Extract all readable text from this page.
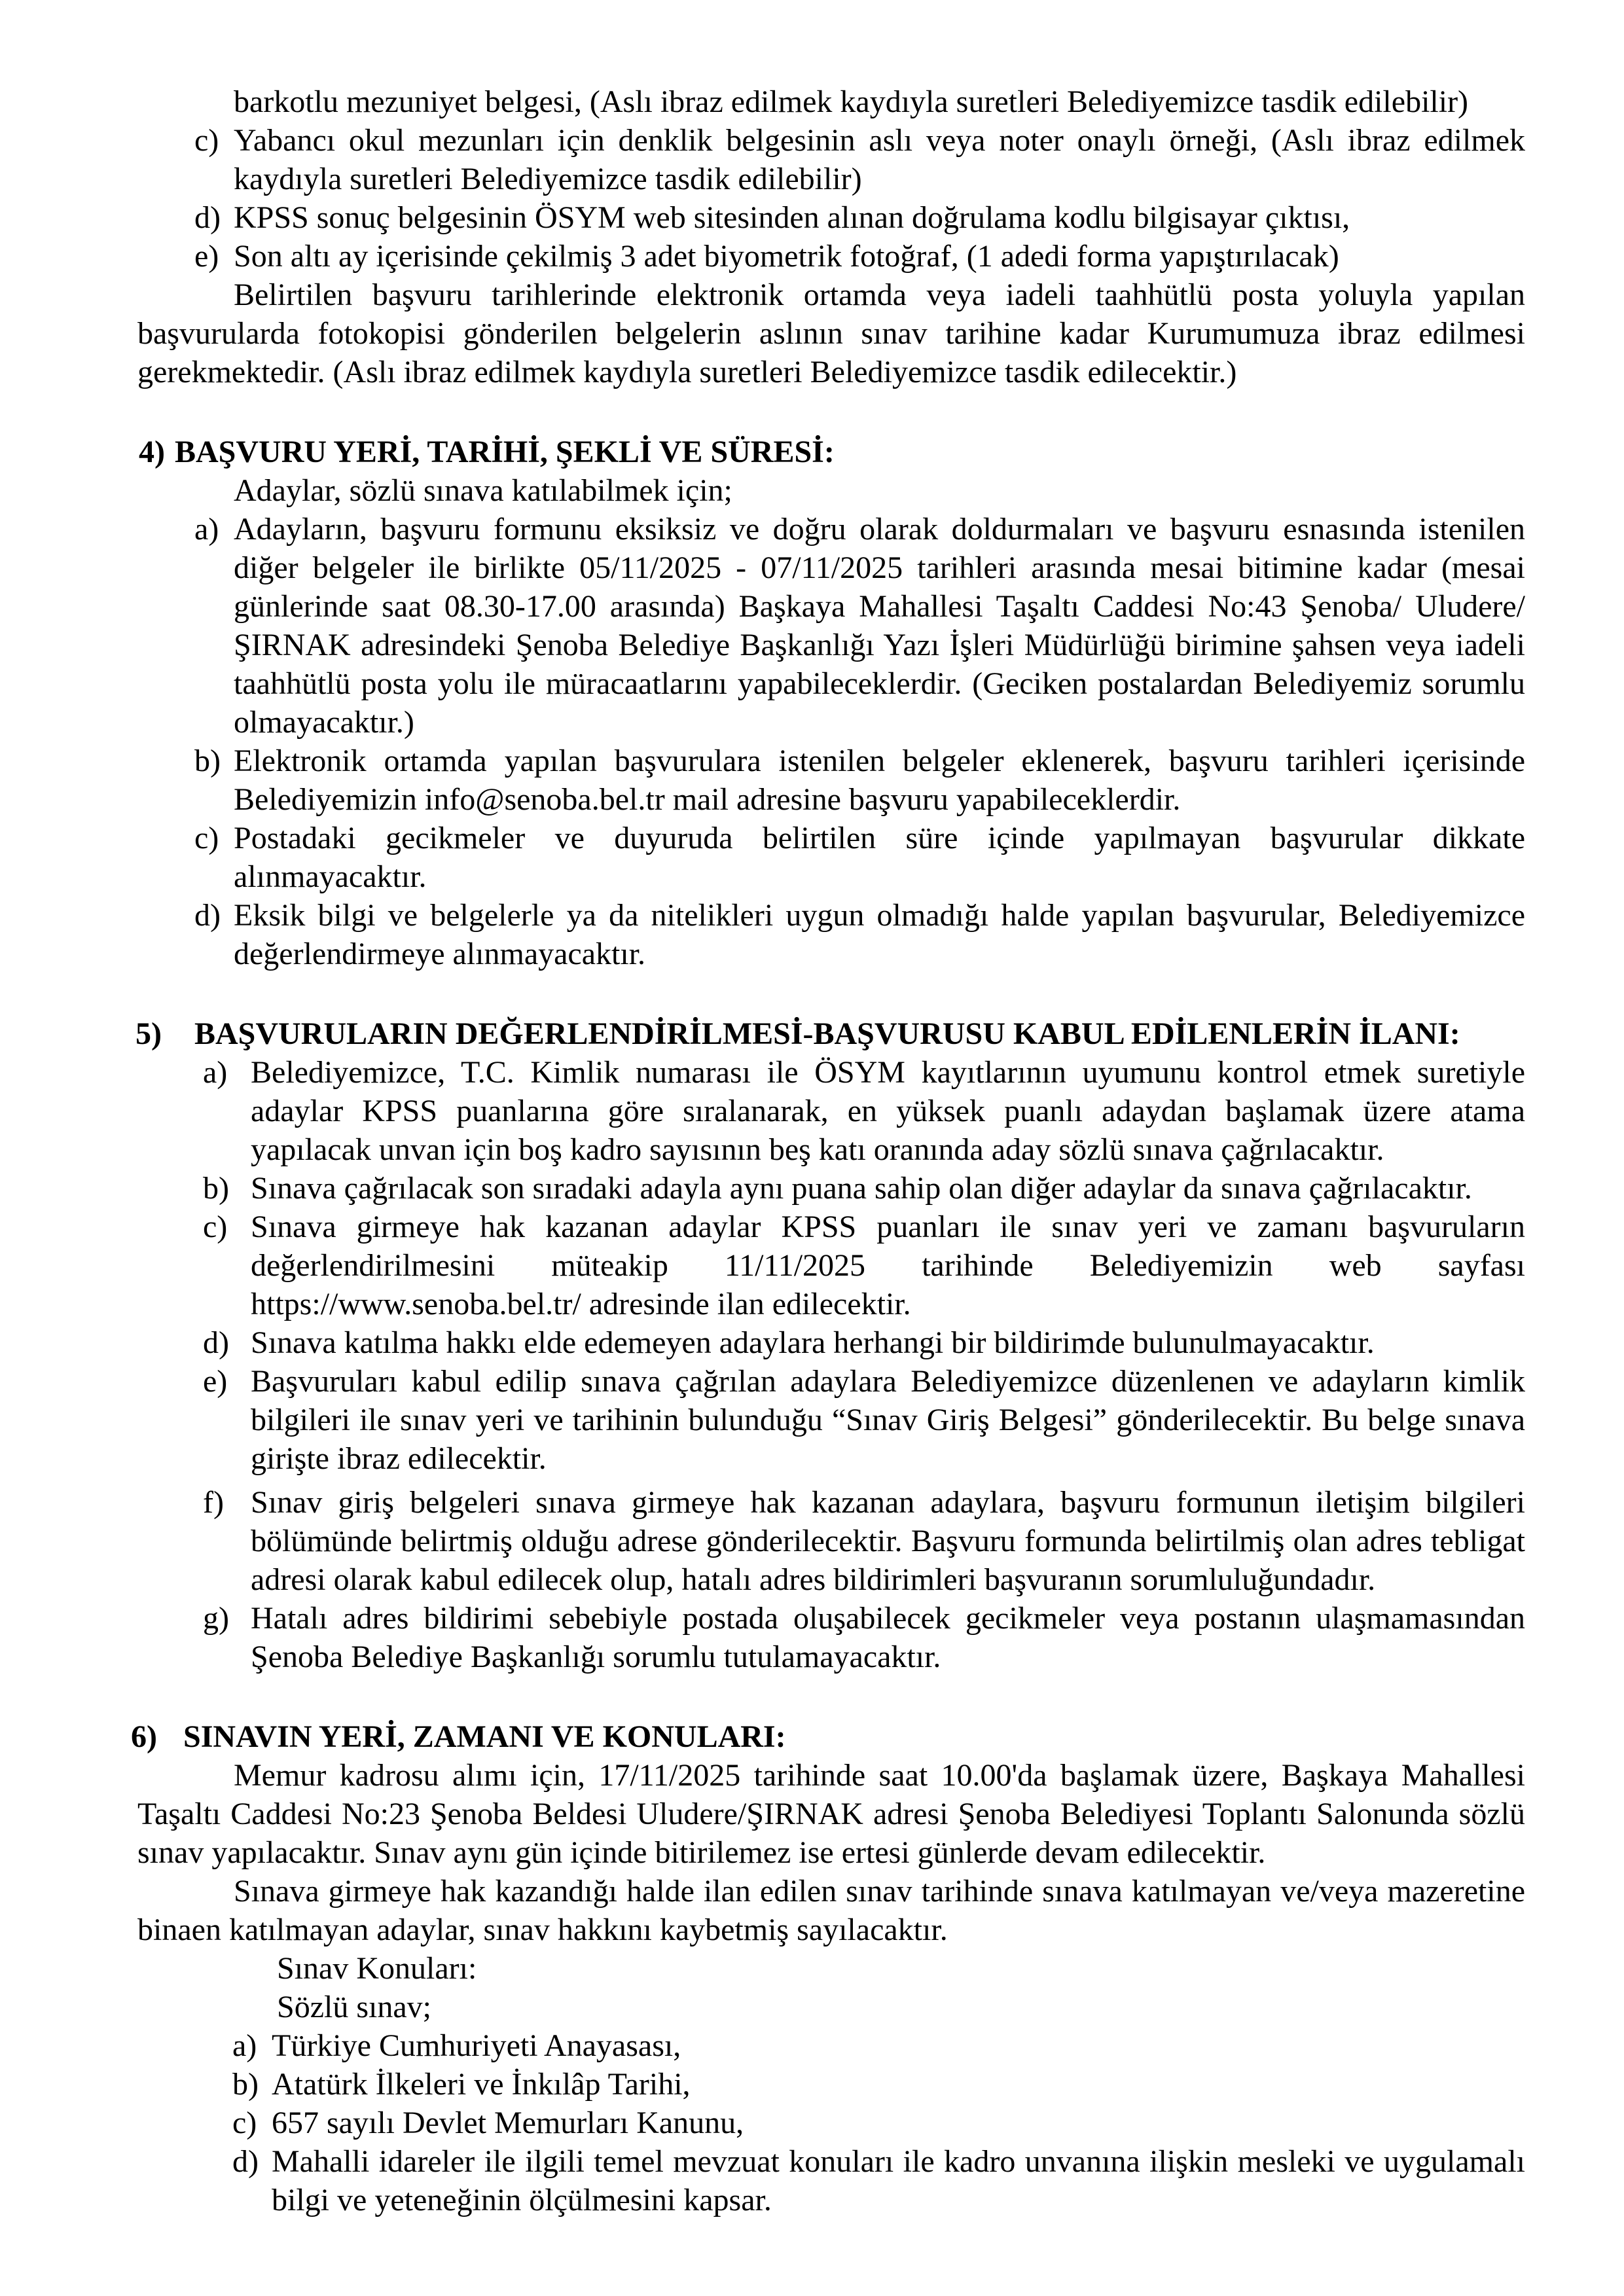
barkotlu mezuniyet belgesi, (Aslı ibraz edilmek kaydıyla suretleri Belediyemizce tasdik edilebilir)
c) Yabancı okul mezunları için denklik belgesinin aslı veya noter onaylı örneği, (Aslı ibraz edilmek kaydıyla suretleri Belediyemizce tasdik edilebilir)
d) KPSS sonuç belgesinin ÖSYM web sitesinden alınan doğrulama kodlu bilgisayar çıktısı,
e) Son altı ay içerisinde çekilmiş 3 adet biyometrik fotoğraf, (1 adedi forma yapıştırılacak)

Belirtilen başvuru tarihlerinde elektronik ortamda veya iadeli taahhütlü posta yoluyla yapılan başvurularda fotokopisi gönderilen belgelerin aslının sınav tarihine kadar Kurumumuza ibraz edilmesi gerekmektedir. (Aslı ibraz edilmek kaydıyla suretleri Belediyemizce tasdik edilecektir.)

4) BAŞVURU YERİ, TARİHİ, ŞEKLİ VE SÜRESİ:

Adaylar, sözlü sınava katılabilmek için;

a) Adayların, başvuru formunu eksiksiz ve doğru olarak doldurmaları ve başvuru esnasında istenilen diğer belgeler ile birlikte 05/11/2025 - 07/11/2025 tarihleri arasında mesai bitimine kadar (mesai günlerinde saat 08.30-17.00 arasında) Başkaya Mahallesi Taşaltı Caddesi No:43 Şenoba/ Uludere/ŞIRNAK adresindeki Şenoba Belediye Başkanlığı Yazı İşleri Müdürlüğü birimine şahsen veya iadeli taahhütlü posta yolu ile müracaatlarını yapabileceklerdir. (Geciken postalardan Belediyemiz sorumlu olmayacaktır.)
b) Elektronik ortamda yapılan başvurulara istenilen belgeler eklenerek, başvuru tarihleri içerisinde Belediyemizin info@senoba.bel.tr mail adresine başvuru yapabileceklerdir.
c) Postadaki gecikmeler ve duyuruda belirtilen süre içinde yapılmayan başvurular dikkate alınmayacaktır.
d) Eksik bilgi ve belgelerle ya da nitelikleri uygun olmadığı halde yapılan başvurular, Belediyemizce değerlendirmeye alınmayacaktır.
5) BAŞVURULARIN DEĞERLENDİRİLMESİ-BAŞVURUSU KABUL EDİLENLERİN İLANI:
a) Belediyemizce, T.C. Kimlik numarası ile ÖSYM kayıtlarının uyumunu kontrol etmek suretiyle adaylar KPSS puanlarına göre sıralanarak, en yüksek puanlı adaydan başlamak üzere atama yapılacak unvan için boş kadro sayısının beş katı oranında aday sözlü sınava çağrılacaktır.
b) Sınava çağrılacak son sıradaki adayla aynı puana sahip olan diğer adaylar da sınava çağrılacaktır.
c) Sınava girmeye hak kazanan adaylar KPSS puanları ile sınav yeri ve zamanı başvuruların değerlendirilmesini müteakip 11/11/2025 tarihinde Belediyemizin web sayfası https://www.senoba.bel.tr/ adresinde ilan edilecektir.
d) Sınava katılma hakkı elde edemeyen adaylara herhangi bir bildirimde bulunulmayacaktır.
e) Başvuruları kabul edilip sınava çağrılan adaylara Belediyemizce düzenlenen ve adayların kimlik bilgileri ile sınav yeri ve tarihinin bulunduğu “Sınav Giriş Belgesi” gönderilecektir. Bu belge sınava girişte ibraz edilecektir.
f) Sınav giriş belgeleri sınava girmeye hak kazanan adaylara, başvuru formunun iletişim bilgileri bölümünde belirtmiş olduğu adrese gönderilecektir. Başvuru formunda belirtilmiş olan adres tebligat adresi olarak kabul edilecek olup, hatalı adres bildirimleri başvuranın sorumluluğundadır.
g) Hatalı adres bildirimi sebebiyle postada oluşabilecek gecikmeler veya postanın ulaşmamasından Şenoba Belediye Başkanlığı sorumlu tutulamayacaktır.
6) SINAVIN YERİ, ZAMANI VE KONULARI:

Memur kadrosu alımı için, 17/11/2025 tarihinde saat 10.00'da başlamak üzere, Başkaya Mahallesi Taşaltı Caddesi No:23 Şenoba Beldesi Uludere/ŞIRNAK adresi Şenoba Belediyesi Toplantı Salonunda sözlü sınav yapılacaktır. Sınav aynı gün içinde bitirilemez ise ertesi günlerde devam edilecektir.

Sınava girmeye hak kazandığı halde ilan edilen sınav tarihinde sınava katılmayan ve/veya mazeretine binaen katılmayan adaylar, sınav hakkını kaybetmiş sayılacaktır.

Sınav Konuları:

Sözlü sınav;

a) Türkiye Cumhuriyeti Anayasası,
b) Atatürk İlkeleri ve İnkılâp Tarihi,
c) 657 sayılı Devlet Memurları Kanunu,
d) Mahalli idareler ile ilgili temel mevzuat konuları ile kadro unvanına ilişkin mesleki ve uygulamalı bilgi ve yeteneğinin ölçülmesini kapsar.
